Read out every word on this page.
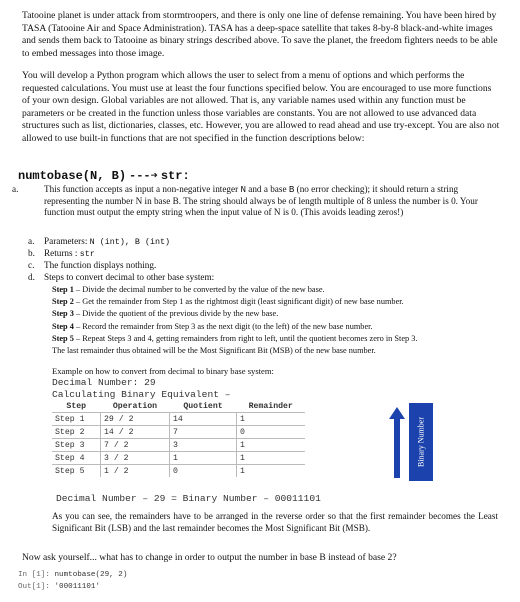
Tatooine planet is under attack from stormtroopers, and there is only one line of defense remaining. You have been hired by TASA (Tatooine Air and Space Administration). TASA has a deep-space satellite that takes 8-by-8 black-and-white images and sends them back to Tatooine as binary strings described above. To save the planet, the freedom fighters needs to be able to embed messages into those image.
You will develop a Python program which allows the user to select from a menu of options and which performs the requested calculations. You must use at least the four functions specified below. You are encouraged to use more functions of your own design. Global variables are not allowed. That is, any variable names used within any function must be parameters or be created in the function unless those variables are constants. You are not allowed to use advanced data structures such as list, dictionaries, classes, etc. However, you are allowed to read ahead and use try-except. You are also not allowed to use built-in functions that are not specified in the function descriptions below:
numtobase(N, B) ---➔ str:
a.	This function accepts as input a non-negative integer N and a base B (no error checking); it should return a string representing the number N in base B. The string should always be of length multiple of 8 unless the number is 0. Your function must output the empty string when the input value of N is 0. (This avoids leading zeros!)
a. Parameters: N (int), B (int)
b. Returns : str
c. The function displays nothing.
d. Steps to convert decimal to other base system:
Step 1 – Divide the decimal number to be converted by the value of the new base.
Step 2 – Get the remainder from Step 1 as the rightmost digit (least significant digit) of new base number.
Step 3 – Divide the quotient of the previous divide by the new base.
Step 4 – Record the remainder from Step 3 as the next digit (to the left) of the new base number.
Step 5 – Repeat Steps 3 and 4, getting remainders from right to left, until the quotient becomes zero in Step 3.
The last remainder thus obtained will be the Most Significant Bit (MSB) of the new base number.
Example on how to convert from decimal to binary base system:
Decimal Number: 29
Calculating Binary Equivalent –
Step	Operation	Quotient	Remainder
Step 1	29 / 2	14	1
Step 2	14 / 2	7	0
Step 3	7 / 2	3	1
Step 4	3 / 2	1	1
Step 5	1 / 2	0	1
Binary Number
Decimal Number – 29 = Binary Number – 00011101
As you can see, the remainders have to be arranged in the reverse order so that the first remainder becomes the Least Significant Bit (LSB) and the last remainder becomes the Most Significant Bit (MSB).
Now ask yourself... what has to change in order to output the number in base B instead of base 2?
In [1]: numtobase(29, 2)
Out[1]: '00011101'
